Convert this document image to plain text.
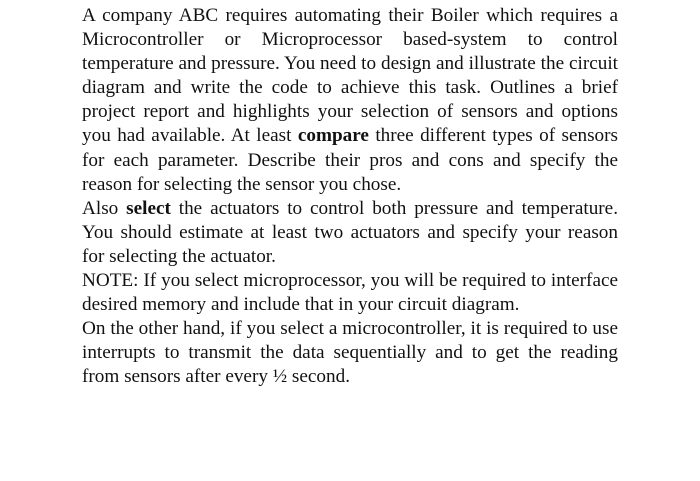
A company ABC requires automating their Boiler which requires a Microcontroller or Microprocessor based-system to control temperature and pressure. You need to design and illustrate the circuit diagram and write the code to achieve this task. Outlines a brief project report and highlights your selection of sensors and options you had available. At least compare three different types of sensors for each parameter. Describe their pros and cons and specify the reason for selecting the sensor you chose.

Also select the actuators to control both pressure and temperature. You should estimate at least two actuators and specify your reason for selecting the actuator.

NOTE: If you select microprocessor, you will be required to interface desired memory and include that in your circuit diagram.

On the other hand, if you select a microcontroller, it is required to use interrupts to transmit the data sequentially and to get the reading from sensors after every ½ second.
